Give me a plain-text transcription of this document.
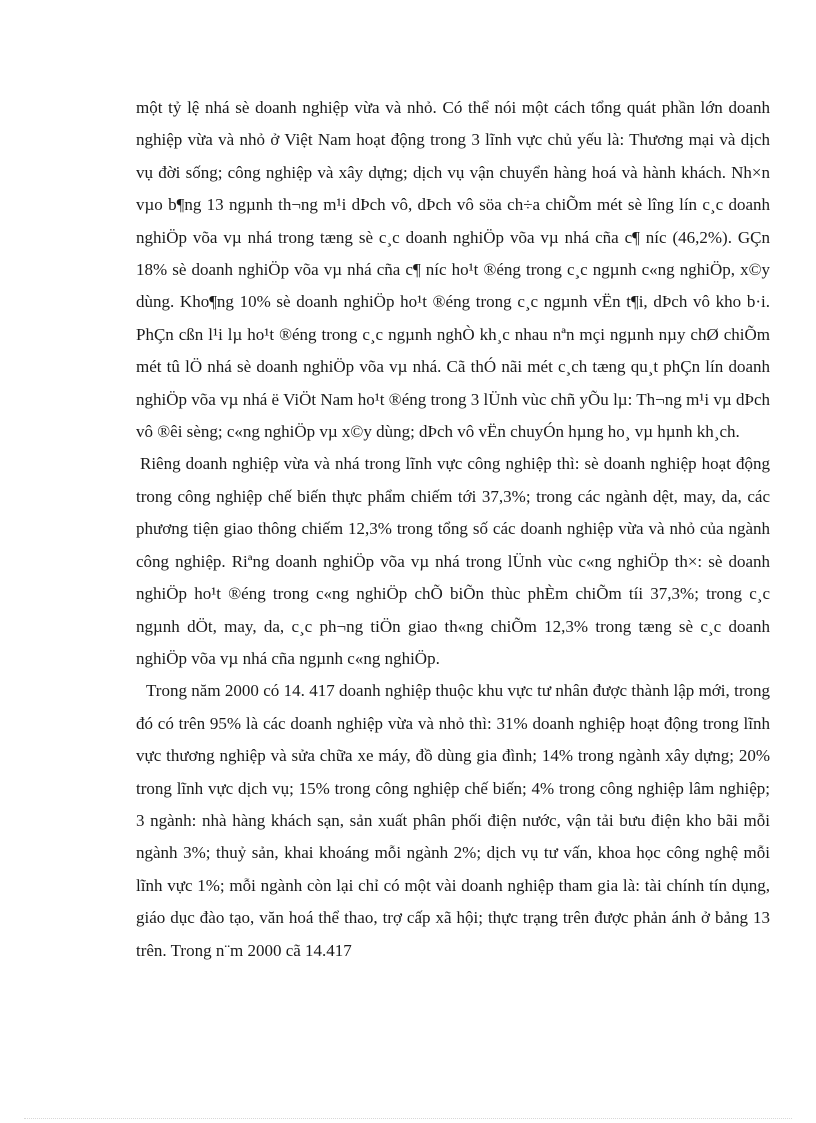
một tỷ lệ nhá sè doanh nghiệp vừa và nhỏ. Có thể nói một cách tổng quát phần lớn doanh nghiệp vừa và nhỏ ở Việt Nam hoạt động trong 3 lĩnh vực chủ yếu là: Thương mại và dịch vụ đời sống; công nghiệp và xây dựng; dịch vụ vận chuyển hàng hoá và hành khách. Nh×n vµo b¶ng 13 ngµnh th¬ng m¹i dÞch vô, dÞch vô söa ch÷a chiÕm mét sè lîng lín c¸c doanh nghiÖp võa vµ nhá trong tæng sè c¸c doanh nghiÖp võa vµ nhá cña c¶ níc (46,2%). GÇn 18% sè doanh nghiÖp võa vµ nhá cña c¶ níc ho¹t ®éng trong c¸c ngµnh c«ng nghiÖp, x©y dùng. Kho¶ng 10% sè doanh nghiÖp ho¹t ®éng trong c¸c ngµnh vËn t¶i, dÞch vô kho b·i. PhÇn cßn l¹i lµ ho¹t ®éng trong c¸c ngµnh nghÒ kh¸c nhau nªn mçi ngµnh nµy chØ chiÕm mét tû lÖ nhá sè doanh nghiÖp võa vµ nhá. Cã thÓ nãi mét c¸ch tæng qu¸t phÇn lín doanh nghiÖp võa vµ nhá ë ViÖt Nam ho¹t ®éng trong 3 lÜnh vùc chñ yÕu lµ: Th¬ng m¹i vµ dÞch vô ®êi sèng; c«ng nghiÖp vµ x©y dùng; dÞch vô vËn chuyÓn hµng ho¸ vµ hµnh kh¸ch.

Riêng doanh nghiệp vừa và nhá trong lĩnh vực công nghiệp thì: sè doanh nghiệp hoạt động trong công nghiệp chế biến thực phẩm chiếm tới 37,3%; trong các ngành dệt, may, da, các phương tiện giao thông chiếm 12,3% trong tổng số các doanh nghiệp vừa và nhỏ của ngành công nghiệp. Riªng doanh nghiÖp võa vµ nhá trong lÜnh vùc c«ng nghiÖp th×: sè doanh nghiÖp ho¹t ®éng trong c«ng nghiÖp chÕ biÕn thùc phÈm chiÕm tíi 37,3%; trong c¸c ngµnh dÖt, may, da, c¸c ph¬ng tiÖn giao th«ng chiÕm 12,3% trong tæng sè c¸c doanh nghiÖp võa vµ nhá cña ngµnh c«ng nghiÖp.

Trong năm 2000 có 14. 417 doanh nghiệp thuộc khu vực tư nhân được thành lập mới, trong đó có trên 95% là các doanh nghiệp vừa và nhỏ thì: 31% doanh nghiệp hoạt động trong lĩnh vực thương nghiệp và sửa chữa xe máy, đồ dùng gia đình; 14% trong ngành xây dựng; 20% trong lĩnh vực dịch vụ; 15% trong công nghiệp chế biến; 4% trong công nghiệp lâm nghiệp; 3 ngành: nhà hàng khách sạn, sản xuất phân phối điện nước, vận tải bưu điện kho bãi mỗi ngành 3%; thuỷ sản, khai khoáng mỗi ngành 2%; dịch vụ tư vấn, khoa học công nghệ mỗi lĩnh vực 1%; mỗi ngành còn lại chỉ có một vài doanh nghiệp tham gia là: tài chính tín dụng, giáo dục đào tạo, văn hoá thể thao, trợ cấp xã hội; thực trạng trên được phản ánh ở bảng 13 trên. Trong n¨m 2000 cã 14.417
